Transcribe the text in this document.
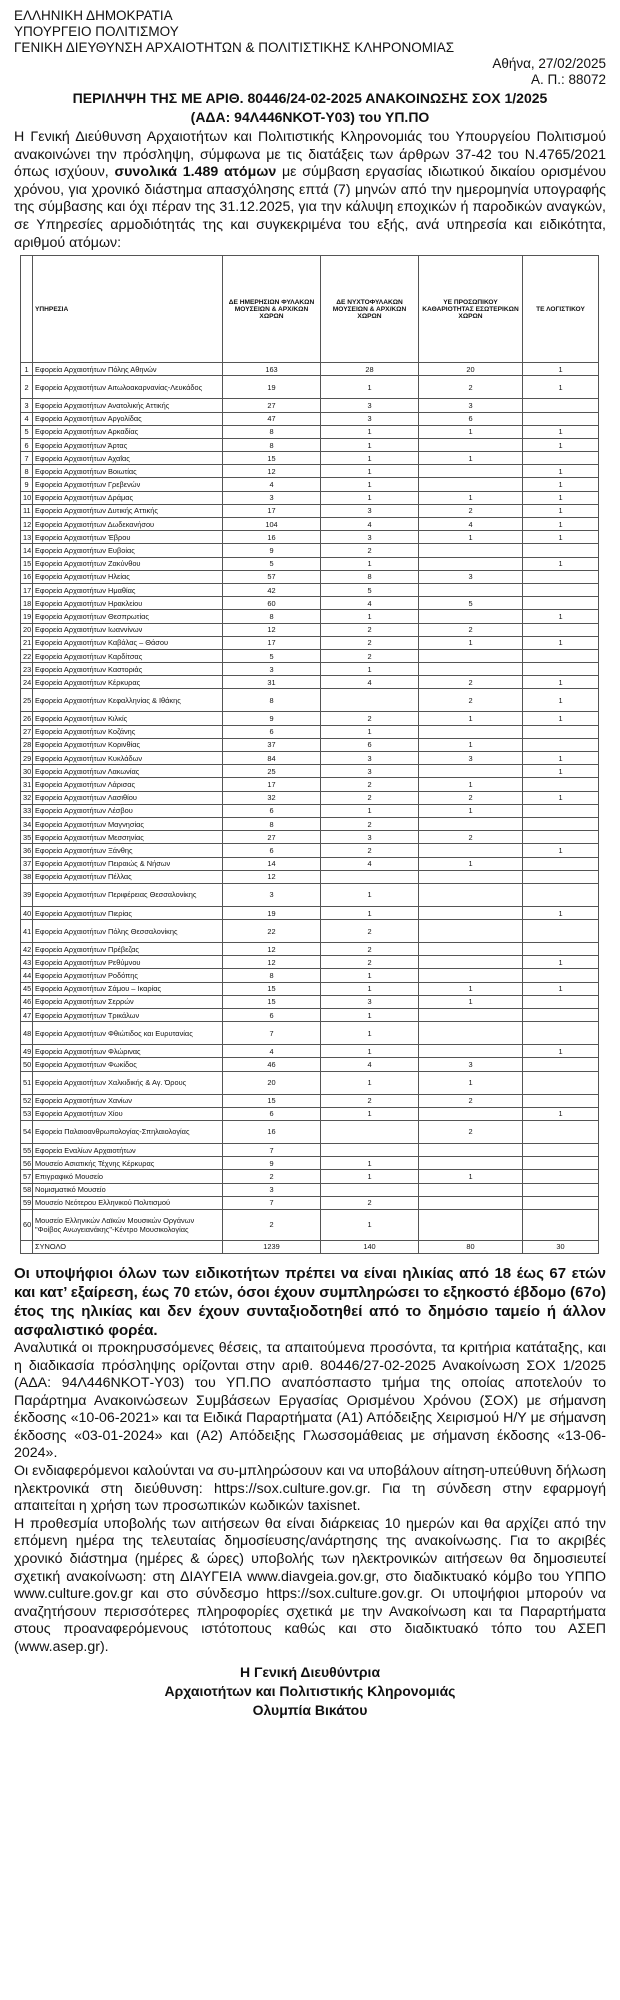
ΕΛΛΗΝΙΚΗ ΔΗΜΟΚΡΑΤΙΑ
ΥΠΟΥΡΓΕΙΟ ΠΟΛΙΤΙΣΜΟΥ
ΓΕΝΙΚΗ ΔΙΕΥΘΥΝΣΗ ΑΡΧΑΙΟΤΗΤΩΝ & ΠΟΛΙΤΙΣΤΙΚΗΣ ΚΛΗΡΟΝΟΜΙΑΣ
Αθήνα, 27/02/2025
Α. Π.: 88072
ΠΕΡΙΛΗΨΗ ΤΗΣ ΜΕ ΑΡΙΘ. 80446/24-02-2025 ΑΝΑΚΟΙΝΩΣΗΣ ΣΟΧ 1/2025
(ΑΔΑ: 94Λ446ΝΚΟΤ-Υ03) του ΥΠ.ΠΟ

Η Γενική Διεύθυνση Αρχαιοτήτων και Πολιτιστικής Κληρονομιάς του Υπουργείου Πολιτισμού ανακοινώνει την πρόσληψη, σύμφωνα με τις διατάξεις των άρθρων 37-42 του Ν.4765/2021 όπως ισχύουν, συνολικά 1.489 ατόμων με σύμβαση εργασίας ιδιωτικού δικαίου ορισμένου χρόνου, για χρονικό διάστημα απασχόλησης επτά (7) μηνών από την ημερομηνία υπογραφής της σύμβασης και όχι πέραν της 31.12.2025, για την κάλυψη εποχικών ή παροδικών αναγκών, σε Υπηρεσίες αρμοδιότητάς της και συγκεκριμένα του εξής, ανά υπηρεσία και ειδικότητα, αριθμού ατόμων:

	ΥΠΗΡΕΣΙΑ	ΔΕ ΗΜΕΡΗΣΙΩΝ ΦΥΛΑΚΩΝ ΜΟΥΣΕΙΩΝ & ΑΡΧ/ΚΩΝ ΧΩΡΩΝ	ΔΕ ΝΥΧΤΟΦΥΛΑΚΩΝ ΜΟΥΣΕΙΩΝ & ΑΡΧ/ΚΩΝ ΧΩΡΩΝ	ΥΕ ΠΡΟΣΩΠΙΚΟΥ ΚΑΘΑΡΙΟΤΗΤΑΣ ΕΣΩΤΕΡΙΚΩΝ ΧΩΡΩΝ	ΤΕ ΛΟΓΙΣΤΙΚΟΥ
1	Εφορεία Αρχαιοτήτων Πόλης Αθηνών	163	28	20	1
2	Εφορεία Αρχαιοτήτων Αιτωλοακαρνανίας-Λευκάδος	19	1	2	1
3	Εφορεία Αρχαιοτήτων Ανατολικής Αττικής	27	3	3	
4	Εφορεία Αρχαιοτήτων Αργολίδας	47	3	6	
5	Εφορεία Αρχαιοτήτων Αρκαδίας	8	1	1	1
6	Εφορεία Αρχαιοτήτων Άρτας	8	1		1
7	Εφορεία Αρχαιοτήτων Αχαΐας	15	1	1	
8	Εφορεία Αρχαιοτήτων Βοιωτίας	12	1		1
9	Εφορεία Αρχαιοτήτων Γρεβενών	4	1		1
10	Εφορεία Αρχαιοτήτων Δράμας	3	1	1	1
11	Εφορεία Αρχαιοτήτων Δυτικής Αττικής	17	3	2	1
12	Εφορεία Αρχαιοτήτων Δωδεκανήσου	104	4	4	1
13	Εφορεία Αρχαιοτήτων Έβρου	16	3	1	1
14	Εφορεία Αρχαιοτήτων Ευβοίας	9	2		
15	Εφορεία Αρχαιοτήτων Ζακύνθου	5	1		1
16	Εφορεία Αρχαιοτήτων Ηλείας	57	8	3	
17	Εφορεία Αρχαιοτήτων Ημαθίας	42	5		
18	Εφορεία Αρχαιοτήτων Ηρακλείου	60	4	5	
19	Εφορεία Αρχαιοτήτων Θεσπρωτίας	8	1		1
20	Εφορεία Αρχαιοτήτων Ιωαννίνων	12	2	2	
21	Εφορεία Αρχαιοτήτων Καβάλας – Θάσου	17	2	1	1
22	Εφορεία Αρχαιοτήτων Καρδίτσας	5	2		
23	Εφορεία Αρχαιοτήτων Καστοριάς	3	1		
24	Εφορεία Αρχαιοτήτων Κέρκυρας	31	4	2	1
25	Εφορεία Αρχαιοτήτων Κεφαλληνίας & Ιθάκης	8		2	1
26	Εφορεία Αρχαιοτήτων Κιλκίς	9	2	1	1
27	Εφορεία Αρχαιοτήτων Κοζάνης	6	1		
28	Εφορεία Αρχαιοτήτων Κορινθίας	37	6	1	
29	Εφορεία Αρχαιοτήτων Κυκλάδων	84	3	3	1
30	Εφορεία Αρχαιοτήτων Λακωνίας	25	3		1
31	Εφορεία Αρχαιοτήτων Λάρισας	17	2	1	
32	Εφορεία Αρχαιοτήτων Λασιθίου	32	2	2	1
33	Εφορεία Αρχαιοτήτων Λέσβου	6	1	1	
34	Εφορεία Αρχαιοτήτων Μαγνησίας	8	2		
35	Εφορεία Αρχαιοτήτων Μεσσηνίας	27	3	2	
36	Εφορεία Αρχαιοτήτων Ξάνθης	6	2		1
37	Εφορεία Αρχαιοτήτων Πειραιώς & Νήσων	14	4	1	
38	Εφορεία Αρχαιοτήτων Πέλλας	12			
39	Εφορεία Αρχαιοτήτων Περιφέρειας Θεσσαλονίκης	3	1		
40	Εφορεία Αρχαιοτήτων Πιερίας	19	1		1
41	Εφορεία Αρχαιοτήτων Πόλης Θεσσαλονίκης	22	2		
42	Εφορεία Αρχαιοτήτων Πρέβεζας	12	2		
43	Εφορεία Αρχαιοτήτων Ρεθύμνου	12	2		1
44	Εφορεία Αρχαιοτήτων Ροδόπης	8	1		
45	Εφορεία Αρχαιοτήτων Σάμου – Ικαρίας	15	1	1	1
46	Εφορεία Αρχαιοτήτων Σερρών	15	3	1	
47	Εφορεία Αρχαιοτήτων Τρικάλων	6	1		
48	Εφορεία Αρχαιοτήτων Φθιώτιδος και Ευρυτανίας	7	1		
49	Εφορεία Αρχαιοτήτων Φλώρινας	4	1		1
50	Εφορεία Αρχαιοτήτων Φωκίδος	46	4	3	
51	Εφορεία Αρχαιοτήτων Χαλκιδικής & Αγ. Όρους	20	1	1	
52	Εφορεία Αρχαιοτήτων Χανίων	15	2	2	
53	Εφορεία Αρχαιοτήτων Χίου	6	1		1
54	Εφορεία Παλαιοανθρωπολογίας-Σπηλαιολογίας	16		2	
55	Εφορεία Εναλίων Αρχαιοτήτων	7			
56	Μουσείο Ασιατικής Τέχνης Κέρκυρας	9	1		
57	Επιγραφικό Μουσείο	2	1	1	
58	Νομισματικό Μουσείο	3			
59	Μουσείο Νεότερου Ελληνικού Πολιτισμού	7	2		
60	Μουσείο Ελληνικών Λαϊκών Μουσικών Οργάνων "Φοίβος Ανωγειανάκης"-Κέντρο Μουσικολογίας	2	1		
	ΣΥΝΟΛΟ	1239	140	80	30

Οι υποψήφιοι όλων των ειδικοτήτων πρέπει να είναι ηλικίας από 18 έως 67 ετών και κατ’ εξαίρεση, έως 70 ετών, όσοι έχουν συμπληρώσει το εξηκοστό έβδομο (67ο) έτος της ηλικίας και δεν έχουν συνταξιοδοτηθεί από το δημόσιο ταμείο ή άλλον ασφαλιστικό φορέα.

Αναλυτικά οι προκηρυσσόμενες θέσεις, τα απαιτούμενα προσόντα, τα κριτήρια κατάταξης, και η διαδικασία πρόσληψης ορίζονται στην αριθ. 80446/27-02-2025 Ανακοίνωση ΣΟΧ 1/2025 (ΑΔΑ: 94Λ446ΝΚΟΤ-Υ03) του ΥΠ.ΠΟ αναπόσπαστο τμήμα της οποίας αποτελούν το Παράρτημα Ανακοινώσεων Συμβάσεων Εργασίας Ορισμένου Χρόνου (ΣΟΧ) με σήμανση έκδοσης «10-06-2021» και τα Ειδικά Παραρτήματα (Α1) Απόδειξης Χειρισμού Η/Υ με σήμανση έκδοσης «03-01-2024» και (Α2) Απόδειξης Γλωσσομάθειας με σήμανση έκδοσης «13-06-2024».

Οι ενδιαφερόμενοι καλούνται να συ-μπληρώσουν και να υποβάλουν αίτηση-υπεύθυνη δήλωση ηλεκτρονικά στη διεύθυνση: https://sox.culture.gov.gr. Για τη σύνδεση στην εφαρμογή απαιτείται η χρήση των προσωπικών κωδικών taxisnet.

Η προθεσμία υποβολής των αιτήσεων θα είναι διάρκειας 10 ημερών και θα αρχίζει από την επόμενη ημέρα της τελευταίας δημοσίευσης/ανάρτησης της ανακοίνωσης. Για το ακριβές χρονικό διάστημα (ημέρες & ώρες) υποβολής των ηλεκτρονικών αιτήσεων θα δημοσιευτεί σχετική ανακοίνωση: στη ΔΙΑΥΓΕΙΑ www.diavgeia.gov.gr, στο διαδικτυακό κόμβο του ΥΠΠΟ www.culture.gov.gr και στο σύνδεσμο https://sox.culture.gov.gr. Οι υποψήφιοι μπορούν να αναζητήσουν περισσότερες πληροφορίες σχετικά με την Ανακοίνωση και τα Παραρτήματα στους προαναφερόμενους ιστότοπους καθώς και στο διαδικτυακό τόπο του ΑΣΕΠ (www.asep.gr).

Η Γενική Διευθύντρια
Αρχαιοτήτων και Πολιτιστικής Κληρονομιάς
Ολυμπία Βικάτου
